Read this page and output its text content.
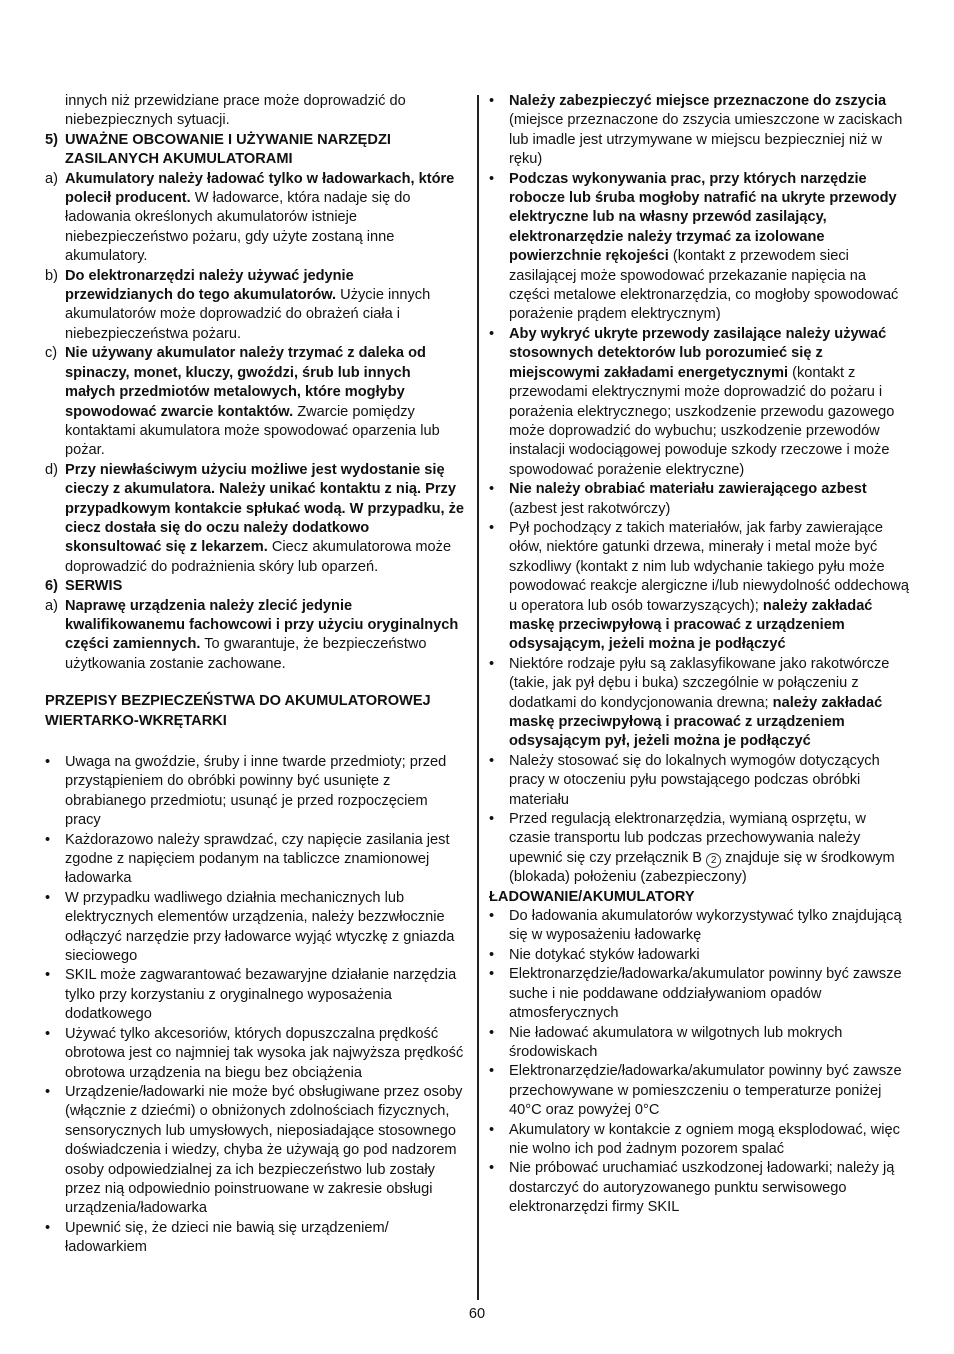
innych niż przewidziane prace może doprowadzić do niebezpiecznych sytuacji.
5) UWAŻNE OBCOWANIE I UŻYWANIE NARZĘDZI ZASILANYCH AKUMULATORAMI
a) Akumulatory należy ładować tylko w ładowarkach, które polecił producent. W ładowarce, która nadaje się do ładowania określonych akumulatorów istnieje niebezpieczeństwo pożaru, gdy użyte zostaną inne akumulatory.
b) Do elektronarzędzi należy używać jedynie przewidzianych do tego akumulatorów. Użycie innych akumulatorów może doprowadzić do obrażeń ciała i niebezpieczeństwa pożaru.
c) Nie używany akumulator należy trzymać z daleka od spinaczy, monet, kluczy, gwoździ, śrub lub innych małych przedmiotów metalowych, które mogłyby spowodować zwarcie kontaktów. Zwarcie pomiędzy kontaktami akumulatora może spowodować oparzenia lub pożar.
d) Przy niewłaściwym użyciu możliwe jest wydostanie się cieczy z akumulatora. Należy unikać kontaktu z nią. Przy przypadkowym kontakcie spłukać wodą. W przypadku, że ciecz dostała się do oczu należy dodatkowo skonsultować się z lekarzem. Ciecz akumulatorowa może doprowadzić do podrażnienia skóry lub oparzeń.
6) SERWIS
a) Naprawę urządzenia należy zlecić jedynie kwalifikowanemu fachowcowi i przy użyciu oryginalnych części zamiennych. To gwarantuje, że bezpieczeństwo użytkowania zostanie zachowane.
PRZEPISY BEZPIECZEŃSTWA DO AKUMULATOROWEJ WIERTARKO-WKRĘTARKI
•	Uwaga na gwoździe, śruby i inne twarde przedmioty; przed przystąpieniem do obróbki powinny być usunięte z obrabianego przedmiotu; usunąć je przed rozpoczęciem pracy
•	Każdorazowo należy sprawdzać, czy napięcie zasilania jest zgodne z napięciem podanym na tabliczce znamionowej ładowarka
•	W przypadku wadliwego działnia mechanicznych lub elektrycznych elementów urządzenia, należy bezzwłocznie odłączyć narzędzie przy ładowarce wyjąć wtyczkę z gniazda sieciowego
•	SKIL może zagwarantować bezawaryjne działanie narzędzia tylko przy korzystaniu z oryginalnego wyposażenia dodatkowego
•	Używać tylko akcesoriów, których dopuszczalna prędkość obrotowa jest co najmniej tak wysoka jak najwyższa prędkość obrotowa urządzenia na biegu bez obciążenia
•	Urządzenie/ładowarki nie może być obsługiwane przez osoby (włącznie z dziećmi) o obniżonych zdolnościach fizycznych, sensorycznych lub umysłowych, nieposiadające stosownego doświadczenia i wiedzy, chyba że używają go pod nadzorem osoby odpowiedzialnej za ich bezpieczeństwo lub zostały przez nią odpowiednio poinstruowane w zakresie obsługi urządzenia/ładowarka
•	Upewnić się, że dzieci nie bawią się urządzeniem/ładowarkiem
•	Należy zabezpieczyć miejsce przeznaczone do zszycia (miejsce przeznaczone do zszycia umieszczone w zaciskach lub imadle jest utrzymywane w miejscu bezpieczniej niż w ręku)
•	Podczas wykonywania prac, przy których narzędzie robocze lub śruba mogłoby natrafić na ukryte przewody elektryczne lub na własny przewód zasilający, elektronarzędzie należy trzymać za izolowane powierzchnie rękojeści (kontakt z przewodem sieci zasilającej może spowodować przekazanie napięcia na części metalowe elektronarzędzia, co mogłoby spowodować porażenie prądem elektrycznym)
•	Aby wykryć ukryte przewody zasilające należy używać stosownych detektorów lub porozumieć się z miejscowymi zakładami energetycznymi (kontakt z przewodami elektrycznymi może doprowadzić do pożaru i porażenia elektrycznego; uszkodzenie przewodu gazowego może doprowadzić do wybuchu; uszkodzenie przewodów instalacji wodociągowej powoduje szkody rzeczowe i może spowodować porażenie elektryczne)
•	Nie należy obrabiać materiału zawierającego azbest (azbest jest rakotwórczy)
•	Pył pochodzący z takich materiałów, jak farby zawierające ołów, niektóre gatunki drzewa, minerały i metal może być szkodliwy (kontakt z nim lub wdychanie takiego pyłu może powodować reakcje alergiczne i/lub niewydolność oddechową u operatora lub osób towarzyszących); należy zakładać maskę przeciwpyłową i pracować z urządzeniem odsysającym, jeżeli można je podłączyć
•	Niektóre rodzaje pyłu są zaklasyfikowane jako rakotwórcze (takie, jak pył dębu i buka) szczególnie w połączeniu z dodatkami do kondycjonowania drewna; należy zakładać maskę przeciwpyłową i pracować z urządzeniem odsysającym pył, jeżeli można je podłączyć
•	Należy stosować się do lokalnych wymogów dotyczących pracy w otoczeniu pyłu powstającego podczas obróbki materiału
•	Przed regulacją elektronarzędzia, wymianą osprzętu, w czasie transportu lub podczas przechowywania należy upewnić się czy przełącznik B 2 znajduje się w środkowym (blokada) położeniu (zabezpieczony)
ŁADOWANIE/AKUMULATORY
•	Do ładowania akumulatorów wykorzystywać tylko znajdującą się w wyposażeniu ładowarkę
•	Nie dotykać styków ładowarki
•	Elektronarzędzie/ładowarka/akumulator powinny być zawsze suche i nie poddawane oddziaływaniom opadów atmosferycznych
•	Nie ładować akumulatora w wilgotnych lub mokrych środowiskach
•	Elektronarzędzie/ładowarka/akumulator powinny być zawsze przechowywane w pomieszczeniu o temperaturze poniżej 40°C oraz powyżej 0°C
•	Akumulatory w kontakcie z ogniem mogą eksplodować, więc nie wolno ich pod żadnym pozorem spalać
•	Nie próbować uruchamiać uszkodzonej ładowarki; należy ją dostarczyć do autoryzowanego punktu serwisowego elektronarzędzi firmy SKIL
60
